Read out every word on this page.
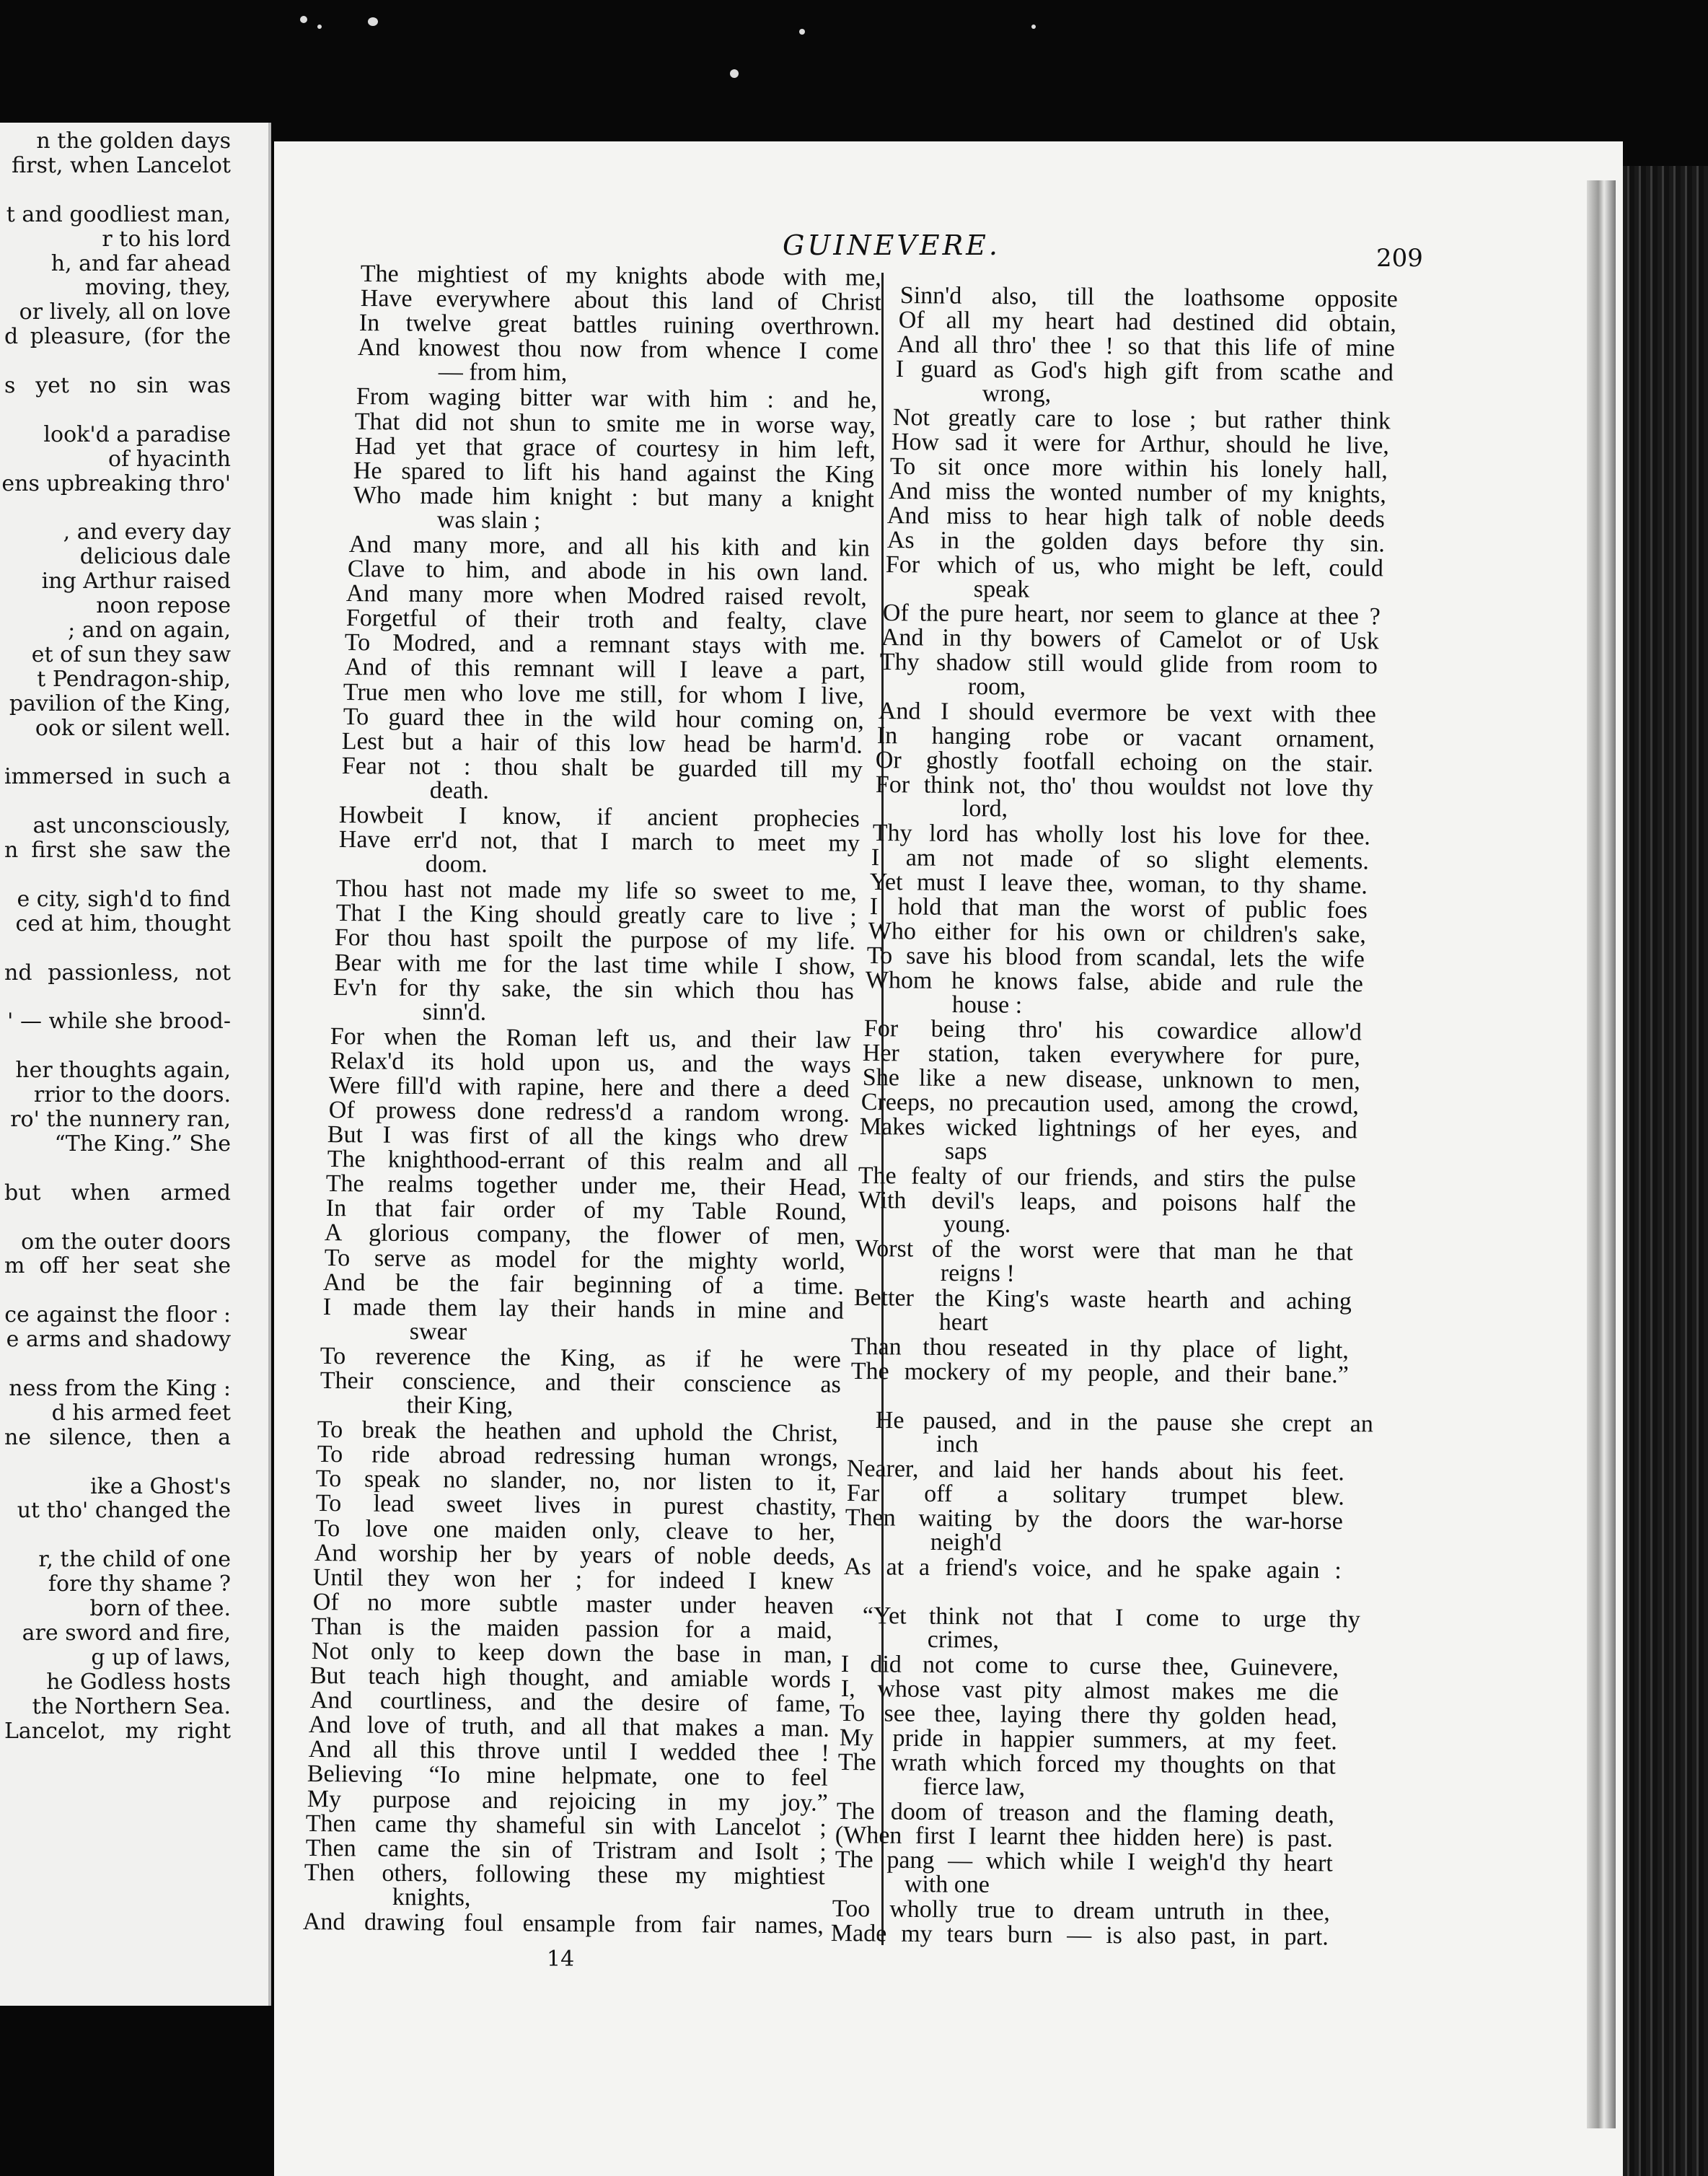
n the golden days
first, when Lancelot
t and goodliest man,
r to his lord
h, and far ahead
moving, they,
or lively, all on love
d pleasure, (for the
s yet no sin was
look'd a paradise
of hyacinth
ens upbreaking thro'
, and every day
delicious dale
ing Arthur raised
noon repose
; and on again,
et of sun they saw
t Pendragon-ship,
pavilion of the King,
ook or silent well.
immersed in such a
ast unconsciously,
n first she saw the
e city, sigh'd to find
ced at him, thought
nd passionless, not
' — while she brood-
her thoughts again,
rrior to the doors.
ro' the nunnery ran,
“The King.” She
but when armed
om the outer doors
m off her seat she
ce against the floor :
e arms and shadowy
ness from the King :
d his armed feet
ne silence, then a
ike a Ghost's
ut tho' changed the
r, the child of one
fore thy shame ?
born of thee.
are sword and fire,
g up of laws,
he Godless hosts
the Northern Sea.
Lancelot, my right
GUINEVERE.	209
The mightiest of my knights abode with me,
Have everywhere about this land of Christ
In twelve great battles ruining overthrown.
And knowest thou now from whence I come
— from him,
From waging bitter war with him : and he,
That did not shun to smite me in worse way,
Had yet that grace of courtesy in him left,
He spared to lift his hand against the King
Who made him knight : but many a knight
was slain ;
And many more, and all his kith and kin
Clave to him, and abode in his own land.
And many more when Modred raised revolt,
Forgetful of their troth and fealty, clave
To Modred, and a remnant stays with me.
And of this remnant will I leave a part,
True men who love me still, for whom I live,
To guard thee in the wild hour coming on,
Lest but a hair of this low head be harm'd.
Fear not : thou shalt be guarded till my
death.
Howbeit I know, if ancient prophecies
Have err'd not, that I march to meet my
doom.
Thou hast not made my life so sweet to me,
That I the King should greatly care to live ;
For thou hast spoilt the purpose of my life.
Bear with me for the last time while I show,
Ev'n for thy sake, the sin which thou has
sinn'd.
For when the Roman left us, and their law
Relax'd its hold upon us, and the ways
Were fill'd with rapine, here and there a deed
Of prowess done redress'd a random wrong.
But I was first of all the kings who drew
The knighthood-errant of this realm and all
The realms together under me, their Head,
In that fair order of my Table Round,
A glorious company, the flower of men,
To serve as model for the mighty world,
And be the fair beginning of a time.
I made them lay their hands in mine and
swear
To reverence the King, as if he were
Their conscience, and their conscience as
their King,
To break the heathen and uphold the Christ,
To ride abroad redressing human wrongs,
To speak no slander, no, nor listen to it,
To lead sweet lives in purest chastity,
To love one maiden only, cleave to her,
And worship her by years of noble deeds,
Until they won her ; for indeed I knew
Of no more subtle master under heaven
Than is the maiden passion for a maid,
Not only to keep down the base in man,
But teach high thought, and amiable words
And courtliness, and the desire of fame,
And love of truth, and all that makes a man.
And all this throve until I wedded thee !
Believing “Io mine helpmate, one to feel
My purpose and rejoicing in my joy.”
Then came thy shameful sin with Lancelot ;
Then came the sin of Tristram and Isolt ;
Then others, following these my mightiest
knights,
And drawing foul ensample from fair names,
Sinn'd also, till the loathsome opposite
Of all my heart had destined did obtain,
And all thro' thee ! so that this life of mine
I guard as God's high gift from scathe and
wrong,
Not greatly care to lose ; but rather think
How sad it were for Arthur, should he live,
To sit once more within his lonely hall,
And miss the wonted number of my knights,
And miss to hear high talk of noble deeds
As in the golden days before thy sin.
For which of us, who might be left, could
speak
Of the pure heart, nor seem to glance at thee ?
And in thy bowers of Camelot or of Usk
Thy shadow still would glide from room to
room,
And I should evermore be vext with thee
In hanging robe or vacant ornament,
Or ghostly footfall echoing on the stair.
For think not, tho' thou wouldst not love thy
lord,
Thy lord has wholly lost his love for thee.
I am not made of so slight elements.
Yet must I leave thee, woman, to thy shame.
I hold that man the worst of public foes
Who either for his own or children's sake,
To save his blood from scandal, lets the wife
Whom he knows false, abide and rule the
house :
For being thro' his cowardice allow'd
Her station, taken everywhere for pure,
She like a new disease, unknown to men,
Creeps, no precaution used, among the crowd,
Makes wicked lightnings of her eyes, and
saps
The fealty of our friends, and stirs the pulse
With devil's leaps, and poisons half the
young.
Worst of the worst were that man he that
reigns !
Better the King's waste hearth and aching
heart
Than thou reseated in thy place of light,
The mockery of my people, and their bane.”
He paused, and in the pause she crept an
inch
Nearer, and laid her hands about his feet.
Far off a solitary trumpet blew.
Then waiting by the doors the war-horse
neigh'd
As at a friend's voice, and he spake again :
“Yet think not that I come to urge thy
crimes,
I did not come to curse thee, Guinevere,
I, whose vast pity almost makes me die
To see thee, laying there thy golden head,
My pride in happier summers, at my feet.
The wrath which forced my thoughts on that
fierce law,
The doom of treason and the flaming death,
(When first I learnt thee hidden here) is past.
The pang — which while I weigh'd thy heart
with one
Too wholly true to dream untruth in thee,
Made my tears burn — is also past, in part.
14
